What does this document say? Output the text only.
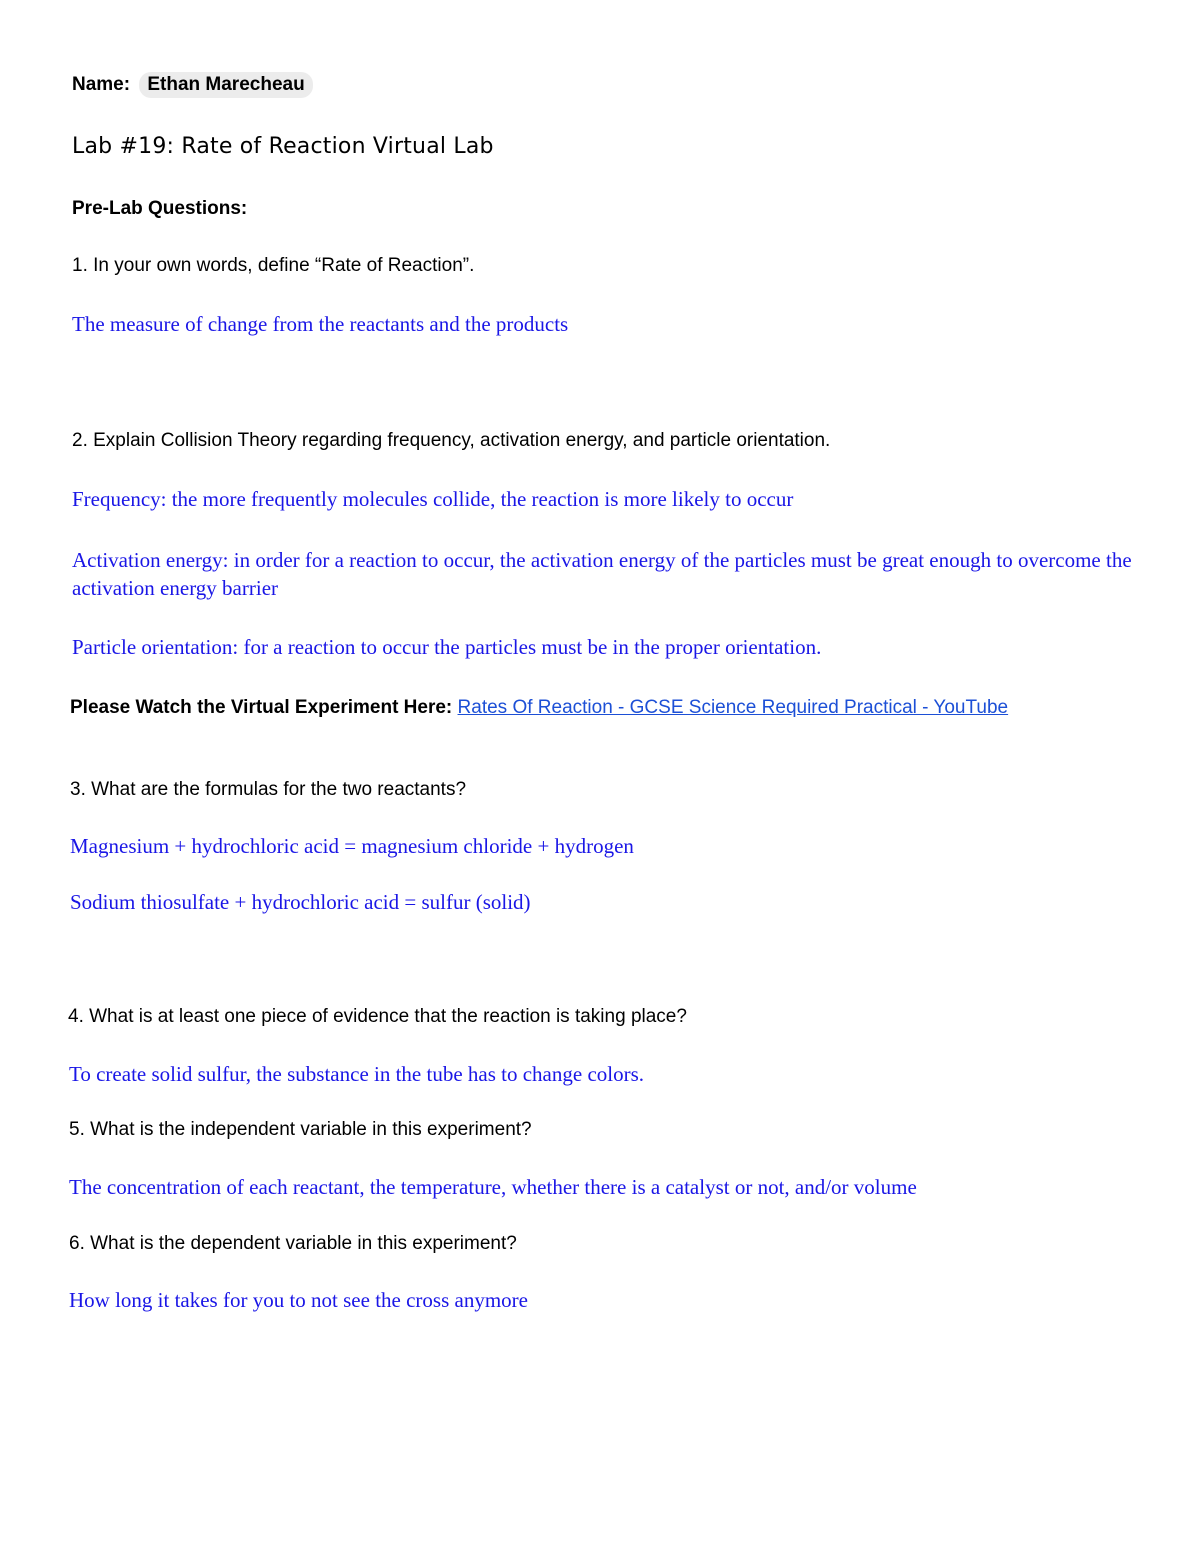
Name: Ethan Marecheau
Lab #19: Rate of Reaction Virtual Lab
Pre-Lab Questions:
1. In your own words, define “Rate of Reaction”.
The measure of change from the reactants and the products
2. Explain Collision Theory regarding frequency, activation energy, and particle orientation.
Frequency: the more frequently molecules collide, the reaction is more likely to occur
Activation energy: in order for a reaction to occur, the activation energy of the particles must be great enough to overcome the activation energy barrier
Particle orientation: for a reaction to occur the particles must be in the proper orientation.
Please Watch the Virtual Experiment Here: Rates Of Reaction - GCSE Science Required Practical - YouTube
3. What are the formulas for the two reactants?
Magnesium + hydrochloric acid = magnesium chloride + hydrogen
Sodium thiosulfate + hydrochloric acid = sulfur (solid)
4. What is at least one piece of evidence that the reaction is taking place?
To create solid sulfur, the substance in the tube has to change colors.
5. What is the independent variable in this experiment?
The concentration of each reactant, the temperature, whether there is a catalyst or not, and/or volume
6. What is the dependent variable in this experiment?
How long it takes for you to not see the cross anymore
